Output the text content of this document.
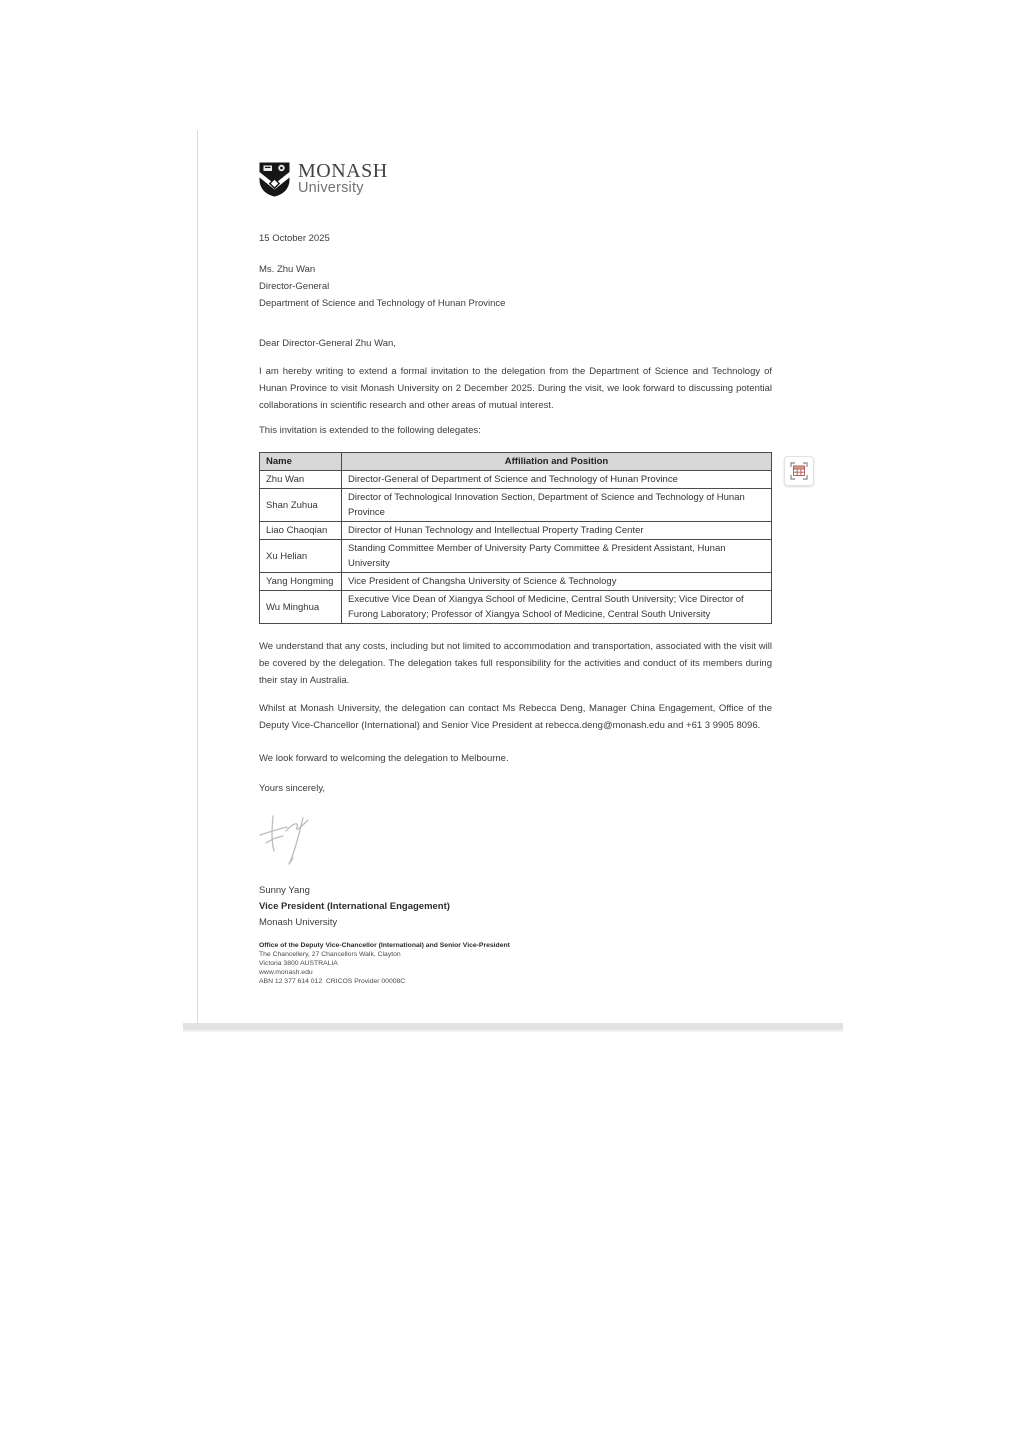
MONASH
University
15 October 2025
Ms. Zhu Wan
Director-General
Department of Science and Technology of Hunan Province
Dear Director-General Zhu Wan,
I am hereby writing to extend a formal invitation to the delegation from the Department of Science and Technology of Hunan Province to visit Monash University on 2 December 2025. During the visit, we look forward to discussing potential collaborations in scientific research and other areas of mutual interest.
This invitation is extended to the following delegates:
Name	Affiliation and Position
Zhu Wan	Director-General of Department of Science and Technology of Hunan Province
Shan Zuhua	Director of Technological Innovation Section, Department of Science and Technology of Hunan Province
Liao Chaoqian	Director of Hunan Technology and Intellectual Property Trading Center
Xu Helian	Standing Committee Member of University Party Committee & President Assistant, Hunan University
Yang Hongming	Vice President of Changsha University of Science & Technology
Wu Minghua	Executive Vice Dean of Xiangya School of Medicine, Central South University; Vice Director of Furong Laboratory; Professor of Xiangya School of Medicine, Central South University
We understand that any costs, including but not limited to accommodation and transportation, associated with the visit will be covered by the delegation. The delegation takes full responsibility for the activities and conduct of its members during their stay in Australia.
Whilst at Monash University, the delegation can contact Ms Rebecca Deng, Manager China Engagement, Office of the Deputy Vice-Chancellor (International) and Senior Vice President at rebecca.deng@monash.edu and +61 3 9905 8096.
We look forward to welcoming the delegation to Melbourne.
Yours sincerely,
Sunny Yang
Vice President (International Engagement)
Monash University
Office of the Deputy Vice-Chancellor (International) and Senior Vice-President
The Chancellery, 27 Chancellors Walk, Clayton
Victoria 3800 AUSTRALIA
www.monash.edu
ABN 12 377 614 012  CRICOS Provider 00008C
